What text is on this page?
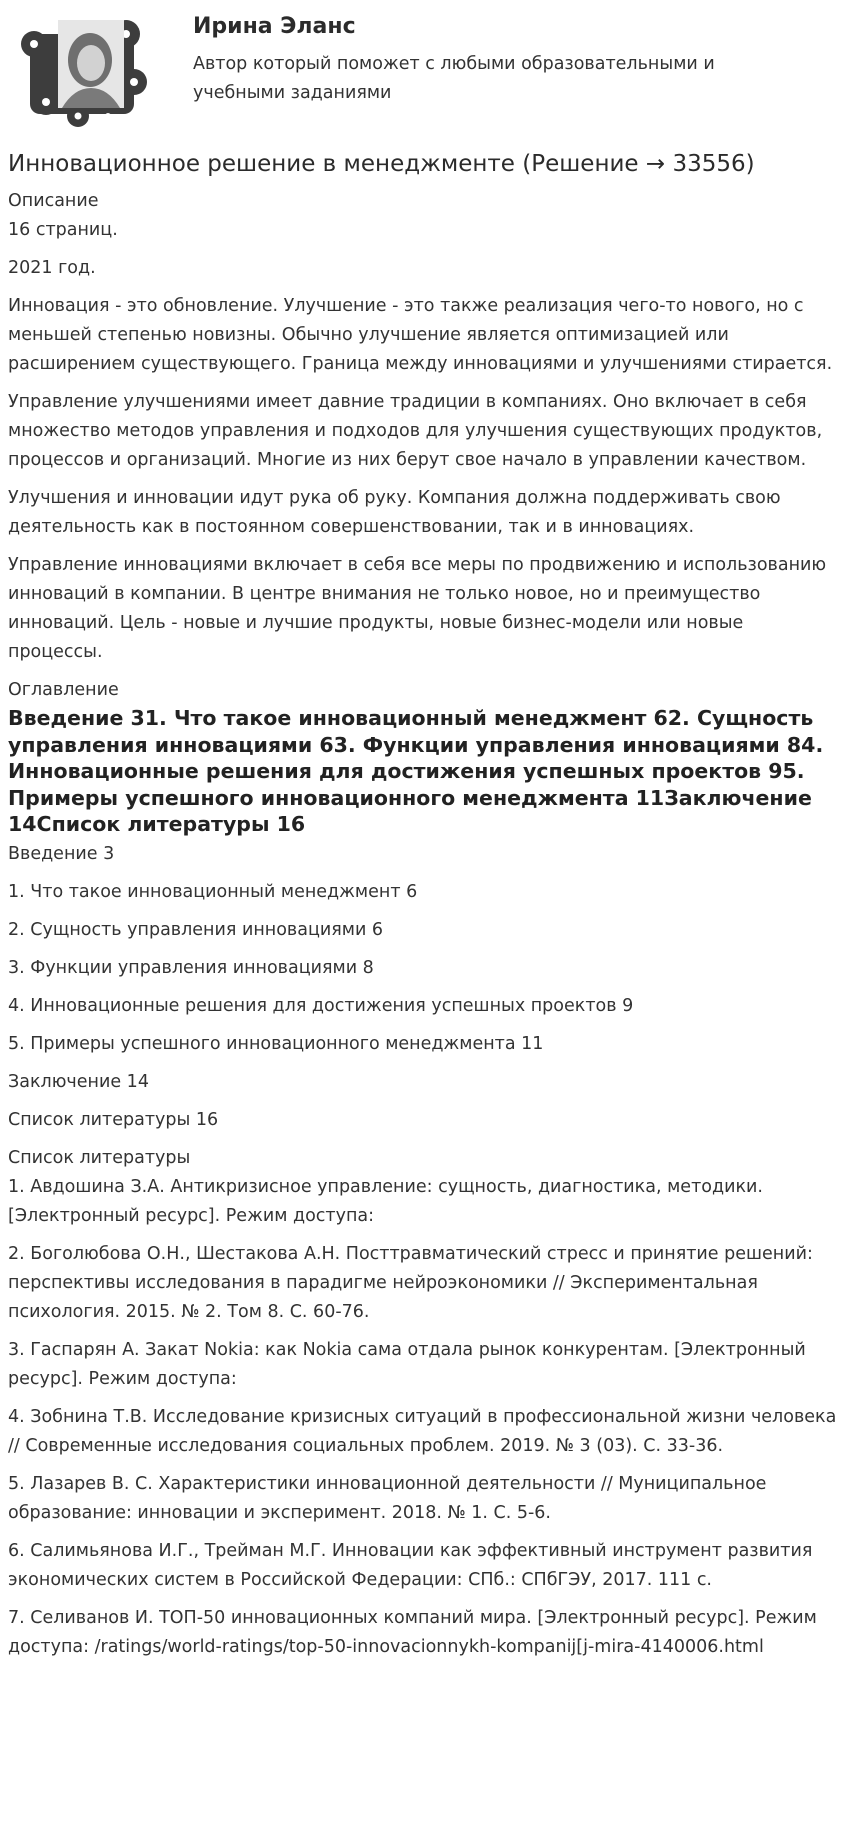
Ирина Эланс
Автор который поможет с любыми образовательными и учебными заданиями
Инновационное решение в менеджменте (Решение → 33556)
Описание

16 страниц.

2021 год.

Инновация - это обновление. Улучшение - это также реализация чего-то нового, но с меньшей степенью новизны. Обычно улучшение является оптимизацией или расширением существующего. Граница между инновациями и улучшениями стирается.

Управление улучшениями имеет давние традиции в компаниях. Оно включает в себя множество методов управления и подходов для улучшения существующих продуктов, процессов и организаций. Многие из них берут свое начало в управлении качеством.

Улучшения и инновации идут рука об руку. Компания должна поддерживать свою деятельность как в постоянном совершенствовании, так и в инновациях.

Управление инновациями включает в себя все меры по продвижению и использованию инноваций в компании. В центре внимания не только новое, но и преимущество инноваций. Цель - новые и лучшие продукты, новые бизнес-модели или новые процессы.

Оглавление
Введение 31. Что такое инновационный менеджмент 62. Сущность управления инновациями 63. Функции управления инновациями 84. Инновационные решения для достижения успешных проектов 95. Примеры успешного инновационного менеджмента 11Заключение 14Список литературы 16

Введение 3

1. Что такое инновационный менеджмент 6

2. Сущность управления инновациями 6

3. Функции управления инновациями 8

4. Инновационные решения для достижения успешных проектов 9

5. Примеры успешного инновационного менеджмента 11

Заключение 14

Список литературы 16

Список литературы

1. Авдошина З.А. Антикризисное управление: сущность, диагностика, методики. [Электронный ресурс]. Режим доступа:

2. Боголюбова О.Н., Шестакова А.Н. Посттравматический стресс и принятие решений: перспективы исследования в парадигме нейроэкономики // Экспериментальная психология. 2015. № 2. Том 8. С. 60-76.

3. Гаспарян А. Закат Nokia: как Nokia сама отдала рынок конкурентам. [Электронный ресурс]. Режим доступа:

4. Зобнина Т.В. Исследование кризисных ситуаций в профессиональной жизни человека // Современные исследования социальных проблем. 2019. № 3 (03). С. 33-36.

5. Лазарев В. С. Характеристики инновационной деятельности // Муниципальное образование: инновации и эксперимент. 2018. № 1. С. 5-6.

6. Салимьянова И.Г., Трейман М.Г. Инновации как эффективный инструмент развития экономических систем в Российской Федерации: СПб.: СПбГЭУ, 2017. 111 с.

7. Селиванов И. ТОП-50 инновационных компаний мира. [Электронный ресурс]. Режим доступа: /ratings/world-ratings/top-50-innovacionnykh-kompanij[j-mira-4140006.html
